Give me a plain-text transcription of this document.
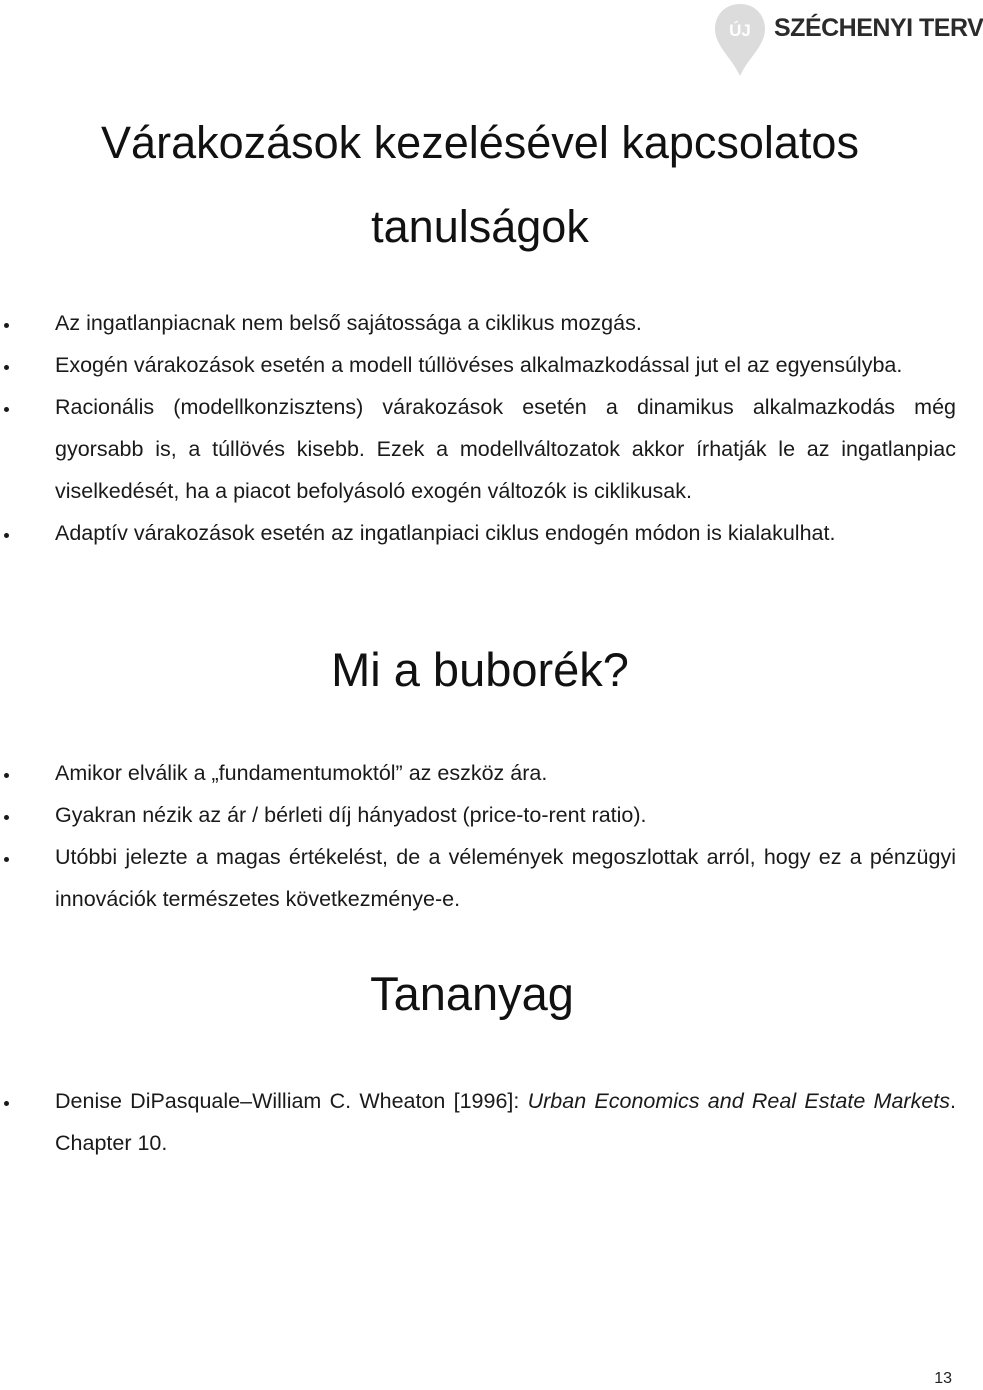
ÚJ SZÉCHENYI TERV
Várakozások kezelésével kapcsolatos
tanulságok
Az ingatlanpiacnak nem belső sajátossága a ciklikus mozgás.
Exogén várakozások esetén a modell túllövéses alkalmazkodással jut el az egyensúlyba.
Racionális (modellkonzisztens) várakozások esetén a dinamikus alkalmazkodás még gyorsabb is, a túllövés kisebb. Ezek a modellváltozatok akkor írhatják le az ingatlanpiac viselkedését, ha a piacot befolyásoló exogén változók is ciklikusak.
Adaptív várakozások esetén az ingatlanpiaci ciklus endogén módon is kialakulhat.
Mi a buborék?
Amikor elválik a „fundamentumoktól” az eszköz ára.
Gyakran nézik az ár / bérleti díj hányadost (price-to-rent ratio).
Utóbbi jelezte a magas értékelést, de a vélemények megoszlottak arról, hogy ez a pénzügyi innovációk természetes következménye-e.
Tananyag
Denise DiPasquale–William C. Wheaton [1996]: Urban Economics and Real Estate Markets. Chapter 10.
13
